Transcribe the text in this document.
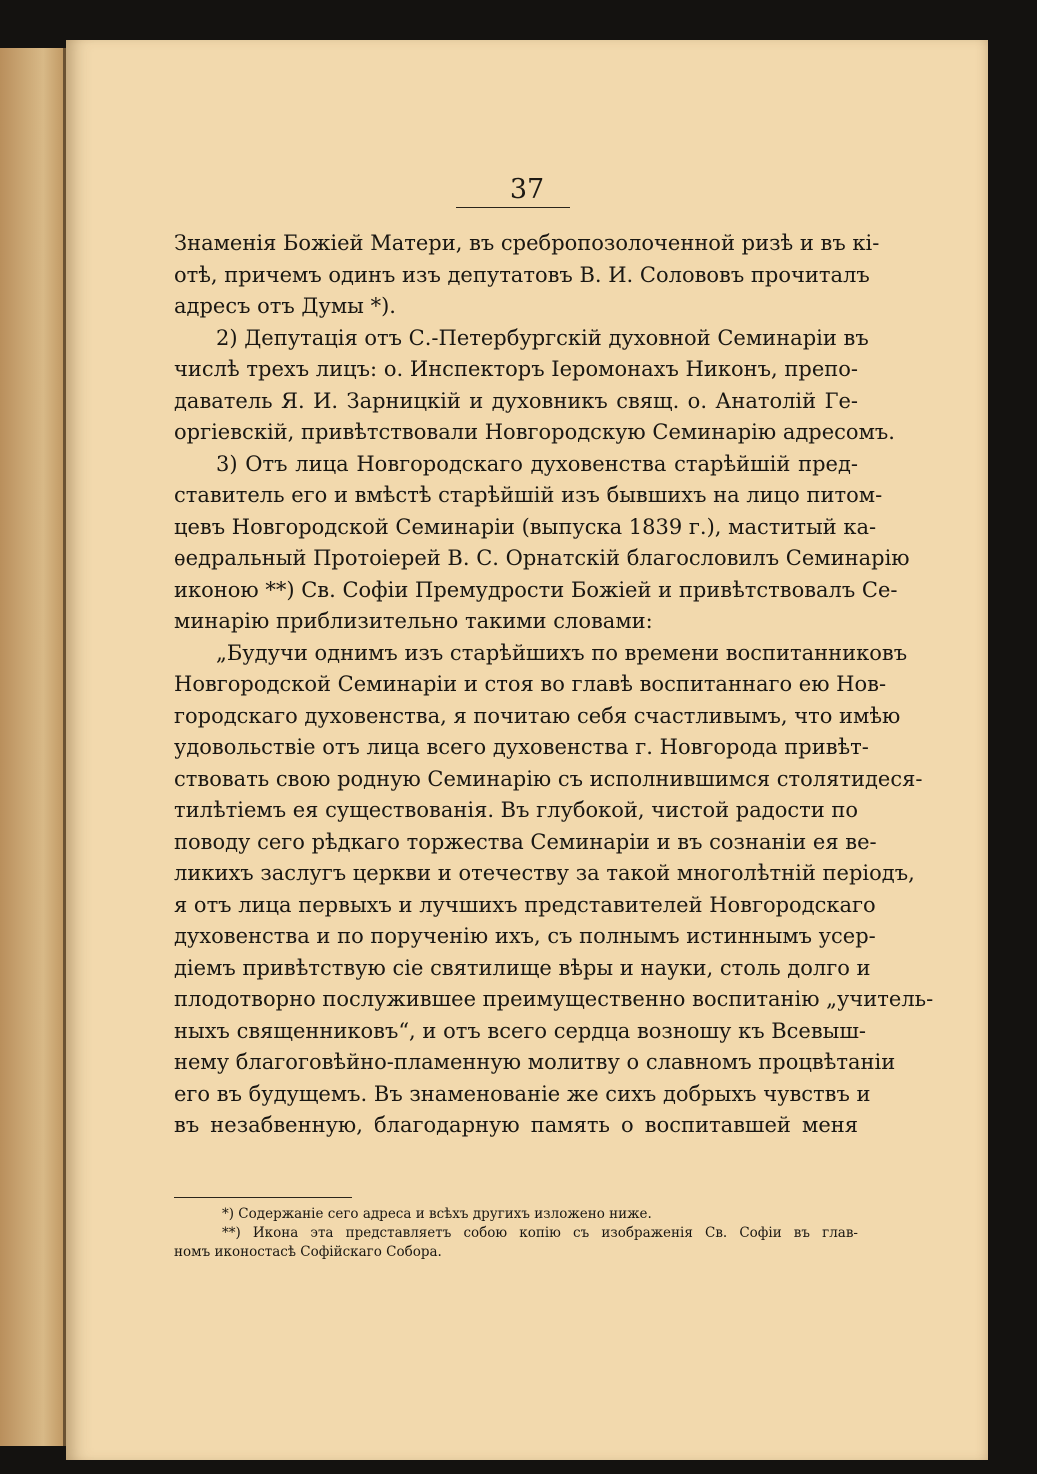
37
Знаменія Божіей Матери, въ сребропозолоченной ризѣ и въ кі-
отѣ, причемъ одинъ изъ депутатовъ В. И. Солововъ прочиталъ
адресъ отъ Думы *).
2) Депутація отъ С.-Петербургскій духовной Семинаріи въ
числѣ трехъ лицъ: о. Инспекторъ Іеромонахъ Никонъ, препо-
даватель Я. И. Зарницкій и духовникъ свящ. о. Анатолій Ге-
оргіевскій, привѣтствовали Новгородскую Семинарію адресомъ.
3) Отъ лица Новгородскаго духовенства старѣйшій пред-
ставитель его и вмѣстѣ старѣйшій изъ бывшихъ на лицо питом-
цевъ Новгородской Семинаріи (выпуска 1839 г.), маститый ка-
ѳедральный Протоіерей В. С. Орнатскій благословилъ Семинарію
иконою **) Св. Софіи Премудрости Божіей и привѣтствовалъ Се-
минарію приблизительно такими словами:
„Будучи однимъ изъ старѣйшихъ по времени воспитанниковъ
Новгородской Семинаріи и стоя во главѣ воспитаннаго ею Нов-
городскаго духовенства, я почитаю себя счастливымъ, что имѣю
удовольствіе отъ лица всего духовенства г. Новгорода привѣт-
ствовать свою родную Семинарію съ исполнившимся столятидеся-
тилѣтіемъ ея существованія. Въ глубокой, чистой радости по
поводу сего рѣдкаго торжества Семинаріи и въ сознаніи ея ве-
ликихъ заслугъ церкви и отечеству за такой многолѣтній періодъ,
я отъ лица первыхъ и лучшихъ представителей Новгородскаго
духовенства и по порученію ихъ, съ полнымъ истиннымъ усер-
діемъ привѣтствую сіе святилище вѣры и науки, столь долго и
плодотворно послужившее преимущественно воспитанію „учитель-
ныхъ священниковъ“, и отъ всего сердца возношу къ Всевыш-
нему благоговѣйно-пламенную молитву о славномъ процвѣтаніи
его въ будущемъ. Въ знаменованіе же сихъ добрыхъ чувствъ и
въ незабвенную, благодарную память о воспитавшей меня
*) Содержаніе сего адреса и всѣхъ другихъ изложено ниже.
**) Икона эта представляетъ собою копію съ изображенія Св. Софіи въ глав-
номъ иконостасѣ Софійскаго Собора.
